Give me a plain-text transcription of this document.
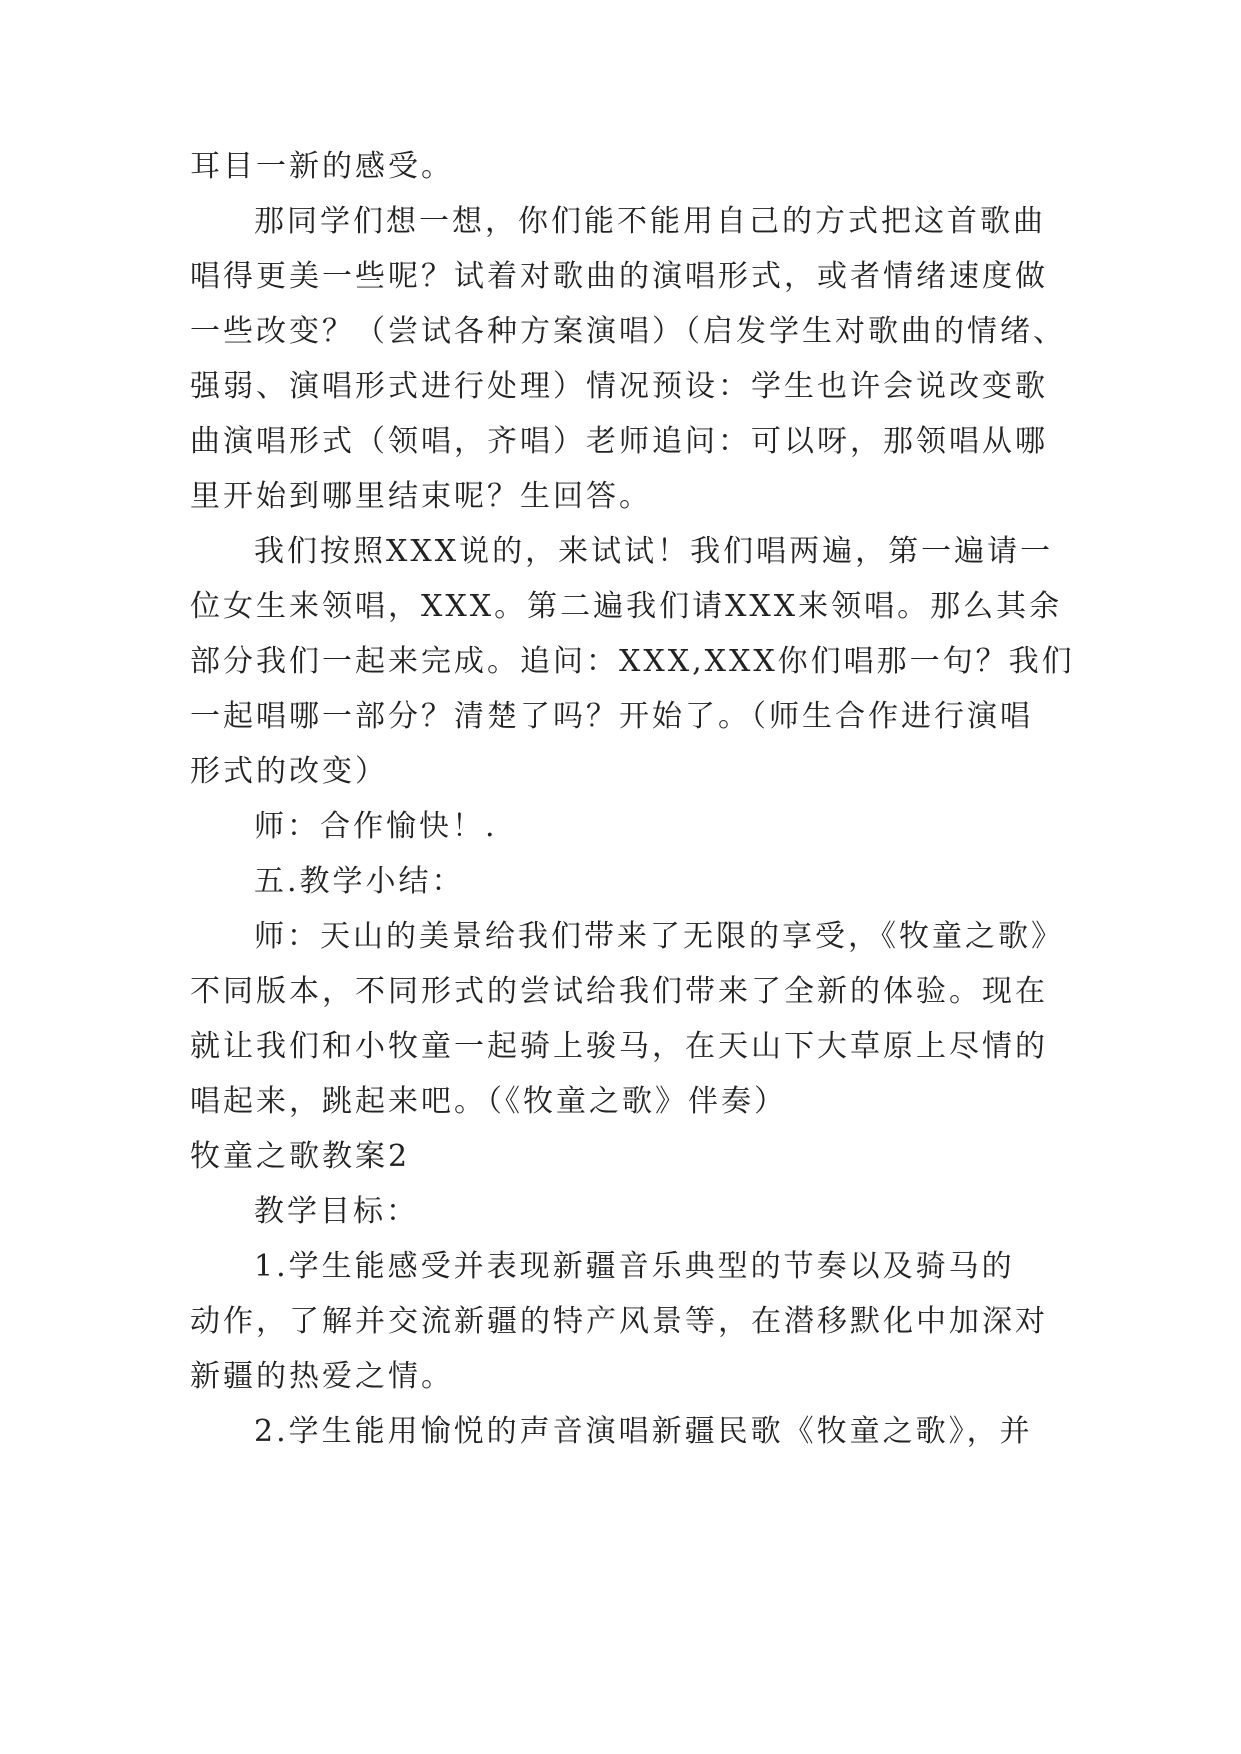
耳目一新的感受。
那同学们想一想，你们能不能用自己的方式把这首歌曲
唱得更美一些呢？试着对歌曲的演唱形式，或者情绪速度做
一些改变？（尝试各种方案演唱）（启发学生对歌曲的情绪、
强弱、演唱形式进行处理）情况预设：学生也许会说改变歌
曲演唱形式（领唱，齐唱）老师追问：可以呀，那领唱从哪
里开始到哪里结束呢？生回答。
我们按照XXX说的，来试试！我们唱两遍，第一遍请一
位女生来领唱，XXX。第二遍我们请XXX来领唱。那么其余
部分我们一起来完成。追问：XXX,XXX你们唱那一句？我们
一起唱哪一部分？清楚了吗？开始了。（师生合作进行演唱
形式的改变）
师：合作愉快！.
五.教学小结：
师：天山的美景给我们带来了无限的享受，《牧童之歌》
不同版本，不同形式的尝试给我们带来了全新的体验。现在
就让我们和小牧童一起骑上骏马，在天山下大草原上尽情的
唱起来，跳起来吧。（《牧童之歌》伴奏）
牧童之歌教案2
教学目标：
1.学生能感受并表现新疆音乐典型的节奏以及骑马的
动作，了解并交流新疆的特产风景等，在潜移默化中加深对
新疆的热爱之情。
2.学生能用愉悦的声音演唱新疆民歌《牧童之歌》，并
